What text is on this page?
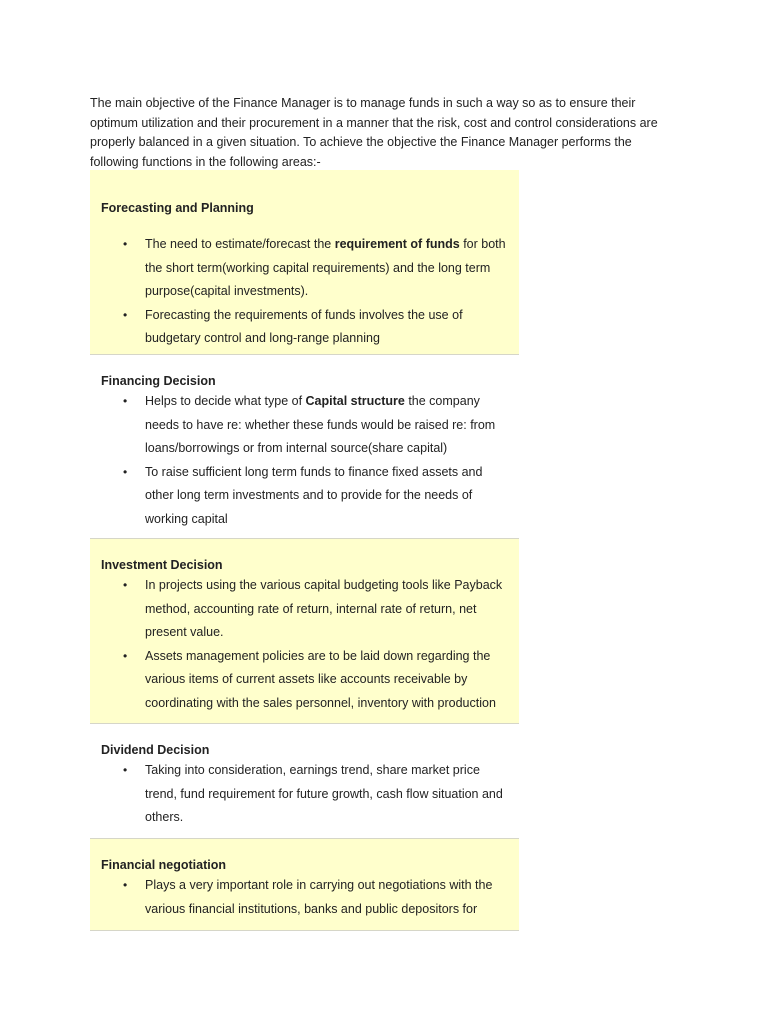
The main objective of the Finance Manager is to manage funds in such a way so as to ensure their optimum utilization and their procurement in a manner that the risk, cost and control considerations are properly balanced in a given situation. To achieve the objective the Finance Manager performs the following functions in the following areas:-

Forecasting and Planning
• The need to estimate/forecast the requirement of funds for both the short term(working capital requirements) and the long term purpose(capital investments).
• Forecasting the requirements of funds involves the use of budgetary control and long-range planning
Financing Decision
• Helps to decide what type of Capital structure the company needs to have re: whether these funds would be raised re: from loans/borrowings or from internal source(share capital)
• To raise sufficient long term funds to finance fixed assets and other long term investments and to provide for the needs of working capital
Investment Decision
• In projects using the various capital budgeting tools like Payback method, accounting rate of return, internal rate of return, net present value.
• Assets management policies are to be laid down regarding the various items of current assets like accounts receivable by coordinating with the sales personnel, inventory with production
Dividend Decision
• Taking into consideration, earnings trend, share market price trend, fund requirement for future growth, cash flow situation and others.
Financial negotiation
• Plays a very important role in carrying out negotiations with the various financial institutions, banks and public depositors for
